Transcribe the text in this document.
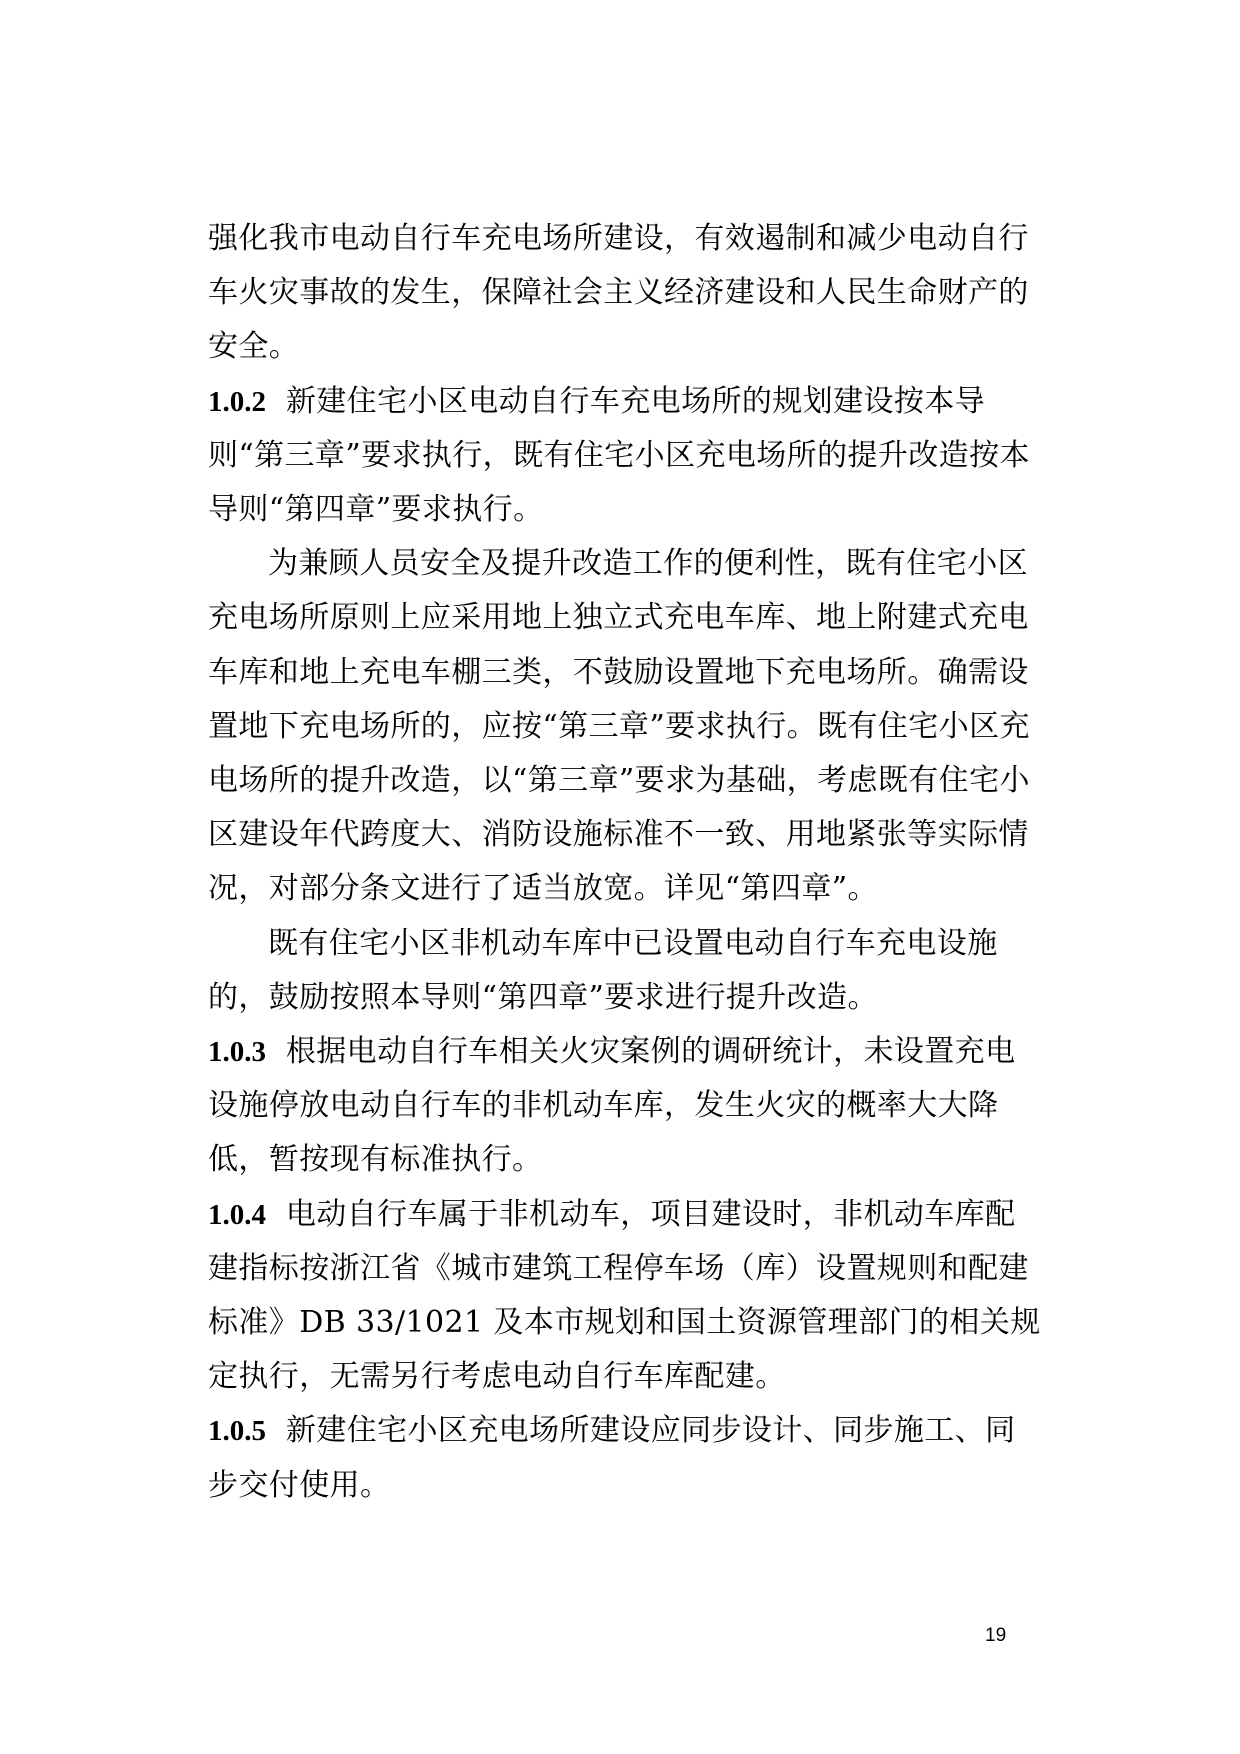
强化我市电动自行车充电场所建设，有效遏制和减少电动自行车火灾事故的发生，保障社会主义经济建设和人民生命财产的安全。

1.0.2 新建住宅小区电动自行车充电场所的规划建设按本导则“第三章”要求执行，既有住宅小区充电场所的提升改造按本导则“第四章”要求执行。

为兼顾人员安全及提升改造工作的便利性，既有住宅小区充电场所原则上应采用地上独立式充电车库、地上附建式充电车库和地上充电车棚三类，不鼓励设置地下充电场所。确需设置地下充电场所的，应按“第三章”要求执行。既有住宅小区充电场所的提升改造，以“第三章”要求为基础，考虑既有住宅小区建设年代跨度大、消防设施标准不一致、用地紧张等实际情况，对部分条文进行了适当放宽。详见“第四章”。

既有住宅小区非机动车库中已设置电动自行车充电设施的，鼓励按照本导则“第四章”要求进行提升改造。

1.0.3 根据电动自行车相关火灾案例的调研统计，未设置充电设施停放电动自行车的非机动车库，发生火灾的概率大大降低，暂按现有标准执行。

1.0.4 电动自行车属于非机动车，项目建设时，非机动车库配建指标按浙江省《城市建筑工程停车场（库）设置规则和配建标准》DB 33/1021 及本市规划和国土资源管理部门的相关规定执行，无需另行考虑电动自行车库配建。

1.0.5 新建住宅小区充电场所建设应同步设计、同步施工、同步交付使用。

19
